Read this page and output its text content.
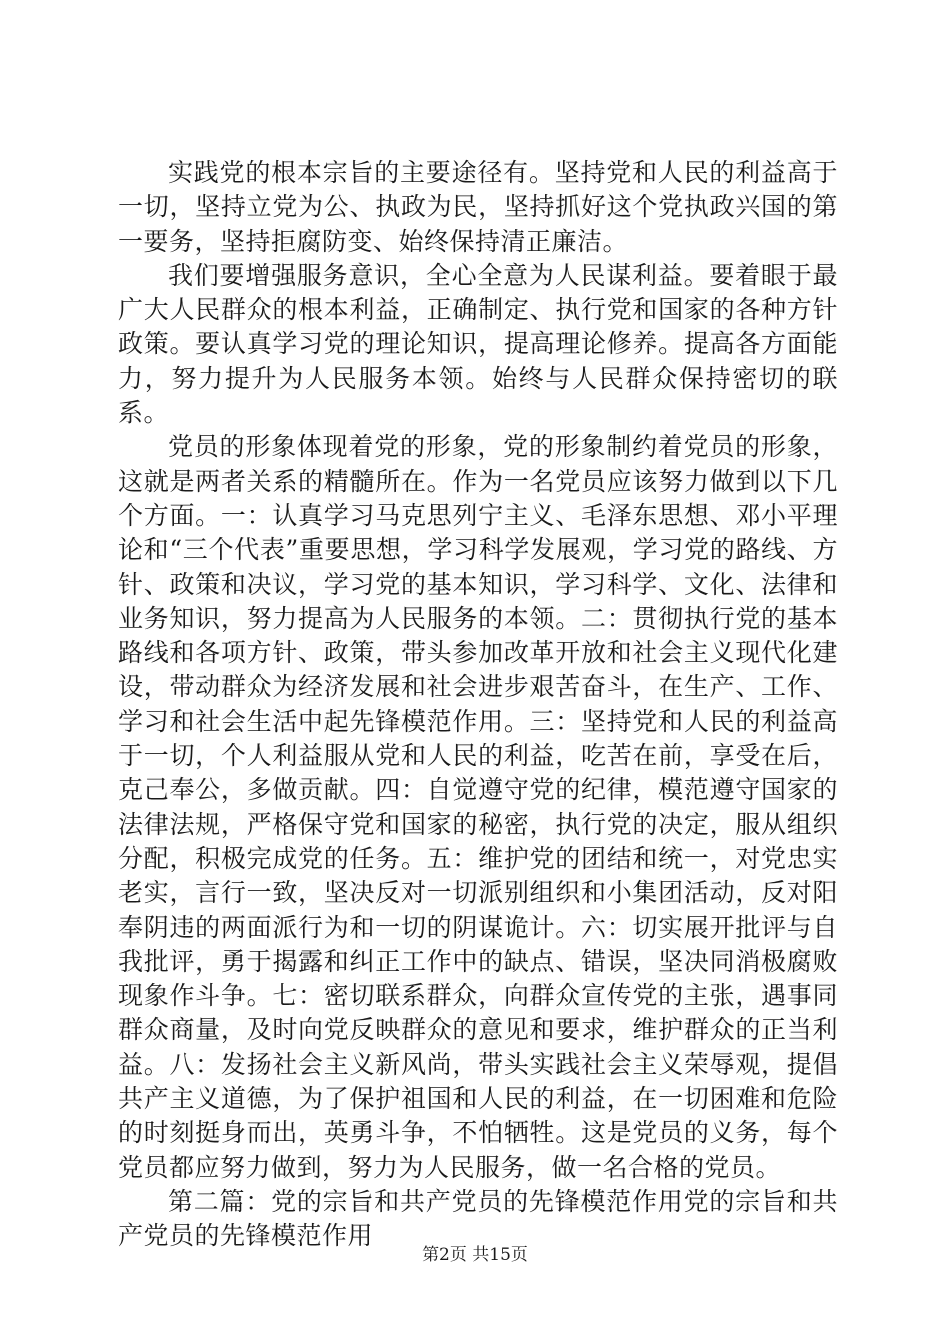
实践党的根本宗旨的主要途径有。坚持党和人民的利益高于一切，坚持立党为公、执政为民，坚持抓好这个党执政兴国的第一要务，坚持拒腐防变、始终保持清正廉洁。

我们要增强服务意识，全心全意为人民谋利益。要着眼于最广大人民群众的根本利益，正确制定、执行党和国家的各种方针政策。要认真学习党的理论知识，提高理论修养。提高各方面能力，努力提升为人民服务本领。始终与人民群众保持密切的联系。

党员的形象体现着党的形象，党的形象制约着党员的形象，这就是两者关系的精髓所在。作为一名党员应该努力做到以下几个方面。一：认真学习马克思列宁主义、毛泽东思想、邓小平理论和“三个代表”重要思想，学习科学发展观，学习党的路线、方针、政策和决议，学习党的基本知识，学习科学、文化、法律和业务知识，努力提高为人民服务的本领。二：贯彻执行党的基本路线和各项方针、政策，带头参加改革开放和社会主义现代化建设，带动群众为经济发展和社会进步艰苦奋斗，在生产、工作、学习和社会生活中起先锋模范作用。三：坚持党和人民的利益高于一切，个人利益服从党和人民的利益，吃苦在前，享受在后，克己奉公，多做贡献。四：自觉遵守党的纪律，模范遵守国家的法律法规，严格保守党和国家的秘密，执行党的决定，服从组织分配，积极完成党的任务。五：维护党的团结和统一，对党忠实老实，言行一致，坚决反对一切派别组织和小集团活动，反对阳奉阴违的两面派行为和一切的阴谋诡计。六：切实展开批评与自我批评，勇于揭露和纠正工作中的缺点、错误，坚决同消极腐败现象作斗争。七：密切联系群众，向群众宣传党的主张，遇事同群众商量，及时向党反映群众的意见和要求，维护群众的正当利益。八：发扬社会主义新风尚，带头实践社会主义荣辱观，提倡共产主义道德，为了保护祖国和人民的利益，在一切困难和危险的时刻挺身而出，英勇斗争，不怕牺牲。这是党员的义务，每个党员都应努力做到，努力为人民服务，做一名合格的党员。

第二篇：党的宗旨和共产党员的先锋模范作用党的宗旨和共产党员的先锋模范作用

第2页 共15页
